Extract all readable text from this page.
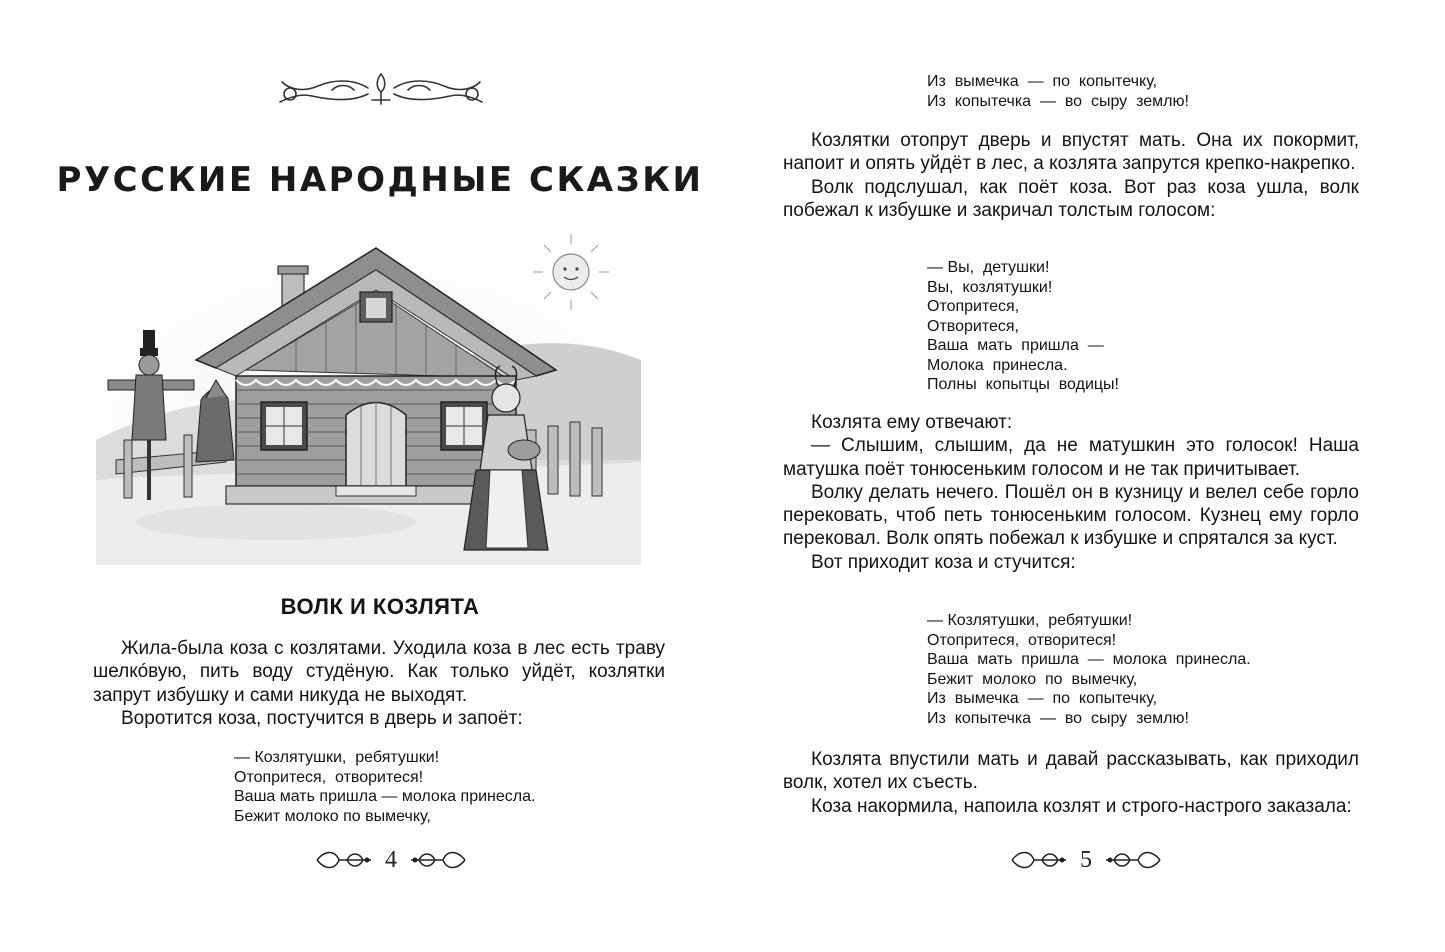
РУССКИЕ НАРОДНЫЕ СКАЗКИ
ВОЛК И КОЗЛЯТА

Жила-была коза с козлятами. Уходила коза в лес есть траву шелкóвую, пить воду студёную. Как только уйдёт, козлятки запрут избушку и сами никуда не выходят.

Воротится коза, постучится в дверь и запоёт:

— Козлятушки,  ребятушки!
Отопритеся,  отворитеся!
Ваша мать пришла — молока принесла.
Бежит молоко по вымечку,
4
Из  вымечка  —  по  копытечку,
Из  копытечка  —  во  сыру  землю!

Козлятки отопрут дверь и впустят мать. Она их покормит, напоит и опять уйдёт в лес, а козлята запрутся крепко-накрепко.

Волк подслушал, как поёт коза. Вот раз коза ушла, волк побежал к избушке и закричал толстым голосом:

— Вы,  детушки!
Вы,  козлятушки!
Отопритеся,
Отворитеся,
Ваша  мать  пришла  —
Молока  принесла.
Полны  копытцы  водицы!

Козлята ему отвечают:

— Слышим, слышим, да не матушкин это голосок! Наша матушка поёт тонюсеньким голосом и не так причитывает.

Волку делать нечего. Пошёл он в кузницу и велел себе горло перековать, чтоб петь тонюсеньким голосом. Кузнец ему горло перековал. Волк опять побежал к избушке и спрятался за куст.

Вот приходит коза и стучится:

— Козлятушки,  ребятушки!
Отопритеся,  отворитеся!
Ваша  мать  пришла  —  молока  принесла.
Бежит  молоко  по  вымечку,
Из  вымечка  —  по  копытечку,
Из  копытечка  —  во  сыру  землю!

Козлята впустили мать и давай рассказывать, как приходил волк, хотел их съесть.

Коза накормила, напоила козлят и строго-настрого заказала:

5
